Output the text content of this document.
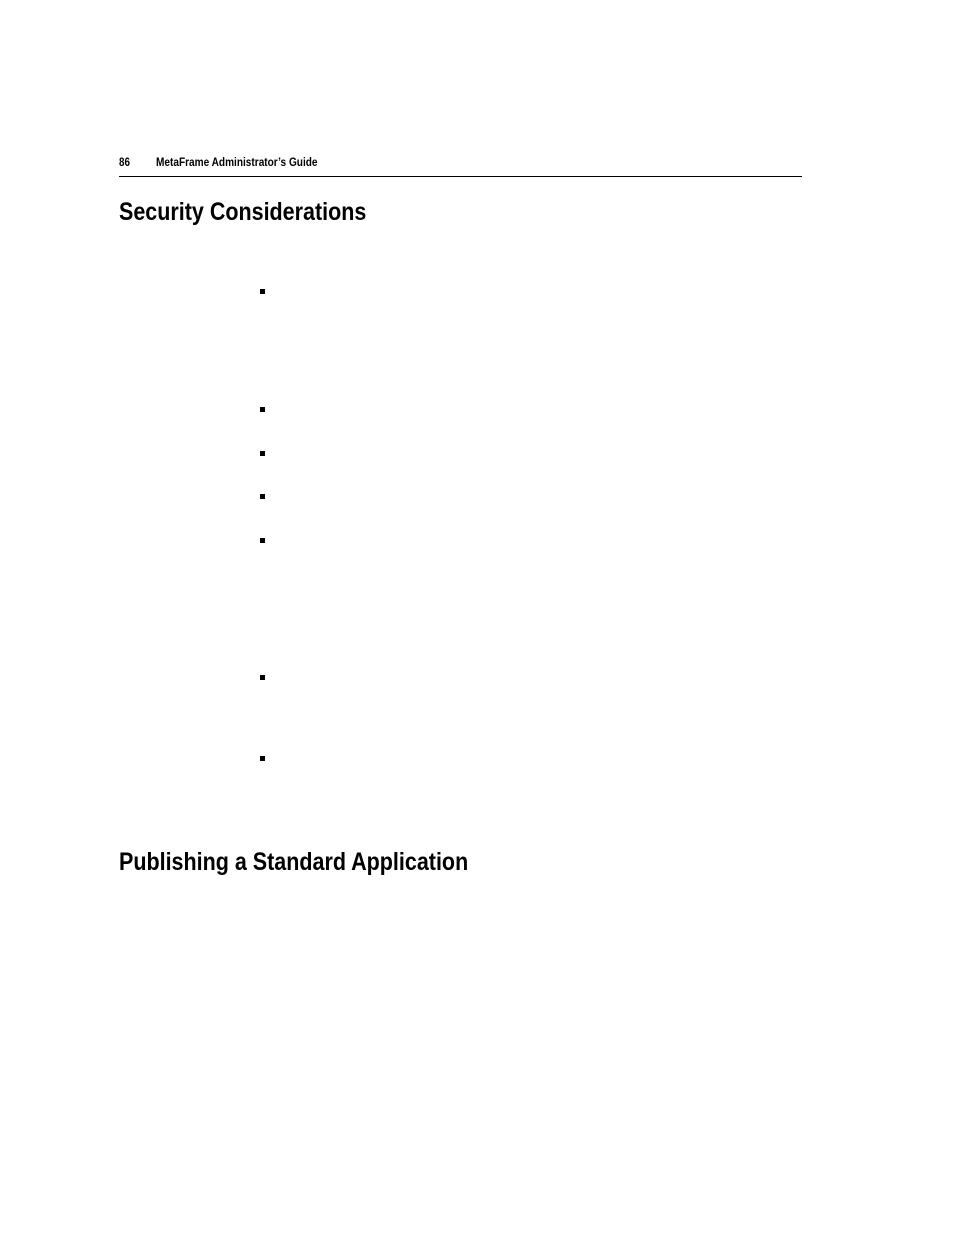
86 MetaFrame Administrator’s Guide
Security Considerations
Publishing a Standard Application
